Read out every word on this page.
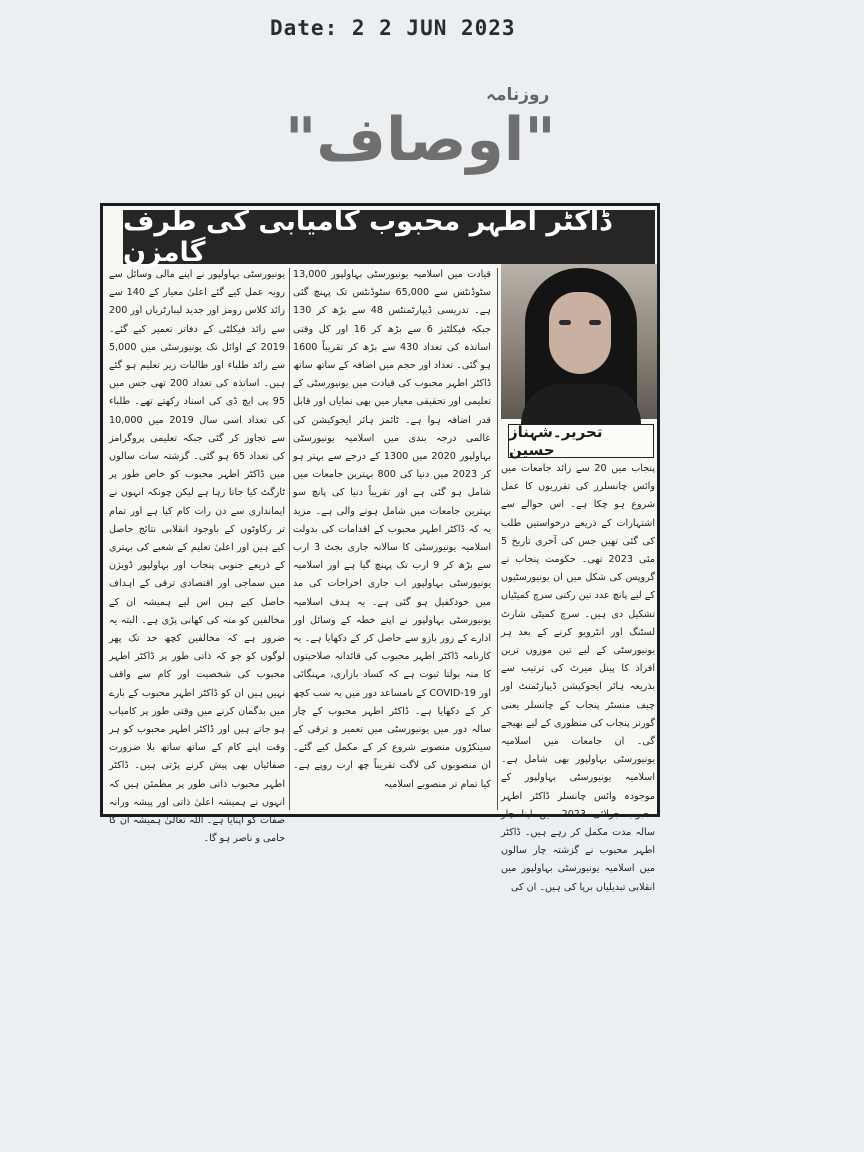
Date: 2 2 JUN 2023
روزنامہ
"اوصاف"
ڈاکٹر اطہر محبوب کامیابی کی طرف گامزن
تحریر۔شہناز حسین

پنجاب میں 20 سے زائد جامعات میں وائس چانسلرز کی تقرریوں کا عمل شروع ہو چکا ہے۔ اس حوالے سے اشتہارات کے ذریعے درخواستیں طلب کی گئی تھیں جس کی آخری تاریخ 5 مئی 2023 تھی۔ حکومت پنجاب نے گروپس کی شکل میں ان یونیورسٹیوں کے لیے پانچ عدد تین رکنی سرچ کمیٹیاں تشکیل دی ہیں۔ سرچ کمیٹی شارٹ لسٹنگ اور انٹرویو کرنے کے بعد ہر یونیورسٹی کے لیے تین موزوں ترین افراد کا پینل میرٹ کی ترتیب سے بذریعہ ہائر ایجوکیشن ڈیپارٹمنٹ اور چیف منسٹر پنجاب کے چانسلر یعنی گورنر پنجاب کی منظوری کے لیے بھیجے گی۔ ان جامعات میں اسلامیہ یونیورسٹی بہاولپور بھی شامل ہے۔ اسلامیہ یونیورسٹی بہاولپور کے موجودہ وائس چانسلر ڈاکٹر اطہر محبوب جولائی 2023 میں اپنا چار سالہ مدت مکمل کر رہے ہیں۔ ڈاکٹر اطہر محبوب نے گزشتہ چار سالوں میں اسلامیہ یونیورسٹی بہاولپور میں انقلابی تبدیلیاں برپا کی ہیں۔ ان کی

قیادت میں اسلامیہ یونیورسٹی بہاولپور 13,000 سٹوڈنٹس سے 65,000 سٹوڈنٹس تک پہنچ گئی ہے۔ تدریسی ڈیپارٹمنٹس 48 سے بڑھ کر 130 جبکہ فیکلٹیز 6 سے بڑھ کر 16 اور کل وقتی اساتذہ کی تعداد 430 سے بڑھ کر تقریباً 1600 ہو گئی۔ تعداد اور حجم میں اضافہ کے ساتھ ساتھ ڈاکٹر اطہر محبوب کی قیادت میں یونیورسٹی کے تعلیمی اور تحقیقی معیار میں بھی نمایاں اور قابل قدر اضافہ ہوا ہے۔ ٹائمز ہائر ایجوکیشن کی عالمی درجہ بندی میں اسلامیہ یونیورسٹی بہاولپور 2020 میں 1300 کے درجے سے بہتر ہو کر 2023 میں دنیا کی 800 بہترین جامعات میں شامل ہو گئی ہے اور تقریباً دنیا کی پانچ سو بہترین جامعات میں شامل ہونے والی ہے۔ مزید یہ کہ ڈاکٹر اطہر محبوب کے اقدامات کی بدولت اسلامیہ یونیورسٹی کا سالانہ جاری بجٹ 3 ارب سے بڑھ کر 9 ارب تک پہنچ گیا ہے اور اسلامیہ یونیورسٹی بہاولپور اب جاری اخراجات کی مد میں خودکفیل ہو گئی ہے۔ یہ ہدف اسلامیہ یونیورسٹی بہاولپور نے اپنے خطہ کے وسائل اور ادارے کے زور بازو سے حاصل کر کے دکھایا ہے۔ یہ کارنامہ ڈاکٹر اطہر محبوب کی قائدانہ صلاحیتوں کا منہ بولتا ثبوت ہے کہ کساد بازاری، مہنگائی اور COVID-19 کے نامساعد دور میں یہ سب کچھ کر کے دکھایا ہے۔ ڈاکٹر اطہر محبوب کے چار سالہ دور میں یونیورسٹی میں تعمیر و ترقی کے سینکڑوں منصوبے شروع کر کے مکمل کیے گئے۔ ان منصوبوں کی لاگت تقریباً چھ ارب روپے ہے۔ کیا تمام تر منصوبے اسلامیہ

یونیورسٹی بہاولپور نے اپنے مالی وسائل سے روبہ عمل کیے گئے اعلیٰ معیار کے 140 سے زائد کلاس رومز اور جدید لیبارٹریاں اور 200 سے زائد فیکلٹی کے دفاتر تعمیر کیے گئے۔ 2019 کے اوائل تک یونیورسٹی میں 5,000 سے زائد طلباء اور طالبات زیر تعلیم ہو گئے ہیں۔ اساتذہ کی تعداد 200 تھی جس میں 95 پی ایچ ڈی کی اسناد رکھتے تھے۔ طلباء کی تعداد اسی سال 2019 میں 10,000 سے تجاوز کر گئی جبکہ تعلیمی پروگرامز کی تعداد 65 ہو گئی۔ گزشتہ سات سالوں میں ڈاکٹر اطہر محبوب کو خاص طور پر ٹارگٹ کیا جاتا رہا ہے لیکن چونکہ انہوں نے ایمانداری سے دن رات کام کیا ہے اور تمام تر رکاوٹوں کے باوجود انقلابی نتائج حاصل کیے ہیں اور اعلیٰ تعلیم کے شعبے کی بہتری کے ذریعے جنوبی پنجاب اور بہاولپور ڈویژن میں سماجی اور اقتصادی ترقی کے اہداف حاصل کیے ہیں اس لیے ہمیشہ ان کے مخالفین کو منہ کی کھانی پڑی ہے۔ البتہ یہ ضرور ہے کہ مخالفین کچھ حد تک پھر لوگوں کو جو کہ ذاتی طور پر ڈاکٹر اطہر محبوب کی شخصیت اور کام سے واقف نہیں ہیں ان کو ڈاکٹر اطہر محبوب کے بارے میں بدگمان کرنے میں وقتی طور پر کامیاب ہو جاتے ہیں اور ڈاکٹر اطہر محبوب کو ہر وقت اپنے کام کے ساتھ ساتھ بلا ضرورت صفائیاں بھی پیش کرنے پڑتی ہیں۔ ڈاکٹر اطہر محبوب ذاتی طور پر مطمئن ہیں کہ انہوں نے ہمیشہ اعلیٰ ذاتی اور پیشہ ورانہ صفات کو اپنایا ہے۔ اللہ تعالیٰ ہمیشہ ان کا حامی و ناصر ہو گا۔
